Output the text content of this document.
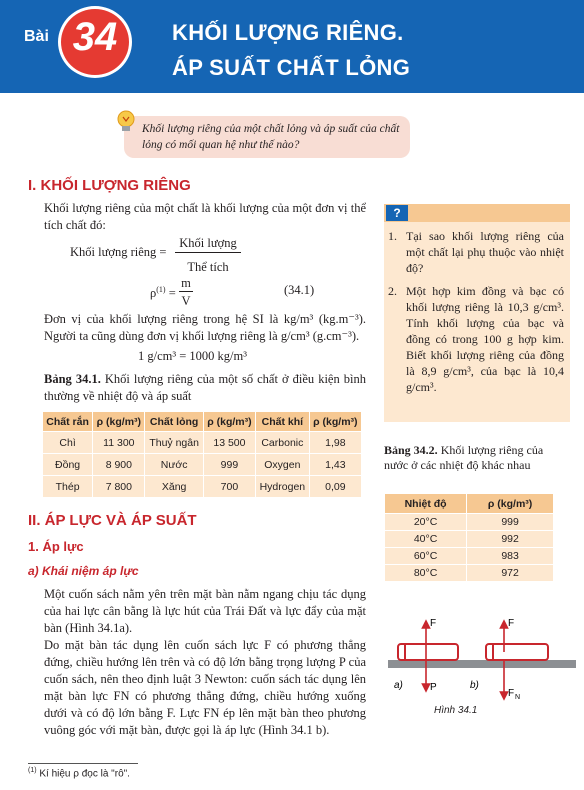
Bài 34	KHỐI LƯỢNG RIÊNG.
ÁP SUẤT CHẤT LỎNG
Khối lượng riêng của một chất lỏng và áp suất của chất lỏng có mối quan hệ như thế nào?
I. KHỐI LƯỢNG RIÊNG
Khối lượng riêng của một chất là khối lượng của một đơn vị thể tích chất đó:
Khối lượng riêng =
Khối lượng
Thể tích
$\rho^{(1)}$ =
m
V
(34.1)
Đơn vị của khối lượng riêng trong hệ SI là kg/m³ (kg.m⁻³). Người ta cũng dùng đơn vị khối lượng riêng là g/cm³ (g.cm⁻³).
1 g/cm³ = 1000 kg/m³
Bảng 34.1. Khối lượng riêng của một số chất ở điều kiện bình thường về nhiệt độ và áp suất
Chất rắn	ρ (kg/m³)	Chất lỏng	ρ (kg/m³)	Chất khí	ρ (kg/m³)
Chì	11 300	Thuỷ ngân	13 500	Carbonic	1,98
Đồng	8 900	Nước	999	Oxygen	1,43
Thép	7 800	Xăng	700	Hydrogen	0,09
?
1. Tại sao khối lượng riêng của một chất lại phụ thuộc vào nhiệt độ?
2. Một hợp kim đồng và bạc có khối lượng riêng là 10,3 g/cm³. Tính khối lượng của bạc và đồng có trong 100 g hợp kim. Biết khối lượng riêng của đồng là 8,9 g/cm³, của bạc là 10,4 g/cm³.
Bảng 34.2. Khối lượng riêng của nước ở các nhiệt độ khác nhau
Nhiệt độ	ρ (kg/m³)
20°C	999
40°C	992
60°C	983
80°C	972
II. ÁP LỰC VÀ ÁP SUẤT
1. Áp lực
a) Khái niệm áp lực
Một cuốn sách nằm yên trên mặt bàn nằm ngang chịu tác dụng của hai lực cân bằng là lực hút của Trái Đất và lực đẩy của mặt bàn (Hình 34.1a).
Do mặt bàn tác dụng lên cuốn sách lực F có phương thẳng đứng, chiều hướng lên trên và có độ lớn bằng trọng lượng P của cuốn sách, nên theo định luật 3 Newton: cuốn sách tác dụng lên mặt bàn lực FN có phương thẳng đứng, chiều hướng xuống dưới và có độ lớn bằng F. Lực FN ép lên mặt bàn theo phương vuông góc với mặt bàn, được gọi là áp lực (Hình 34.1 b).
F
P
F
F N
a)	b)
Hình 34.1
$^{(1)}$ Kí hiệu ρ đọc là "rô".
